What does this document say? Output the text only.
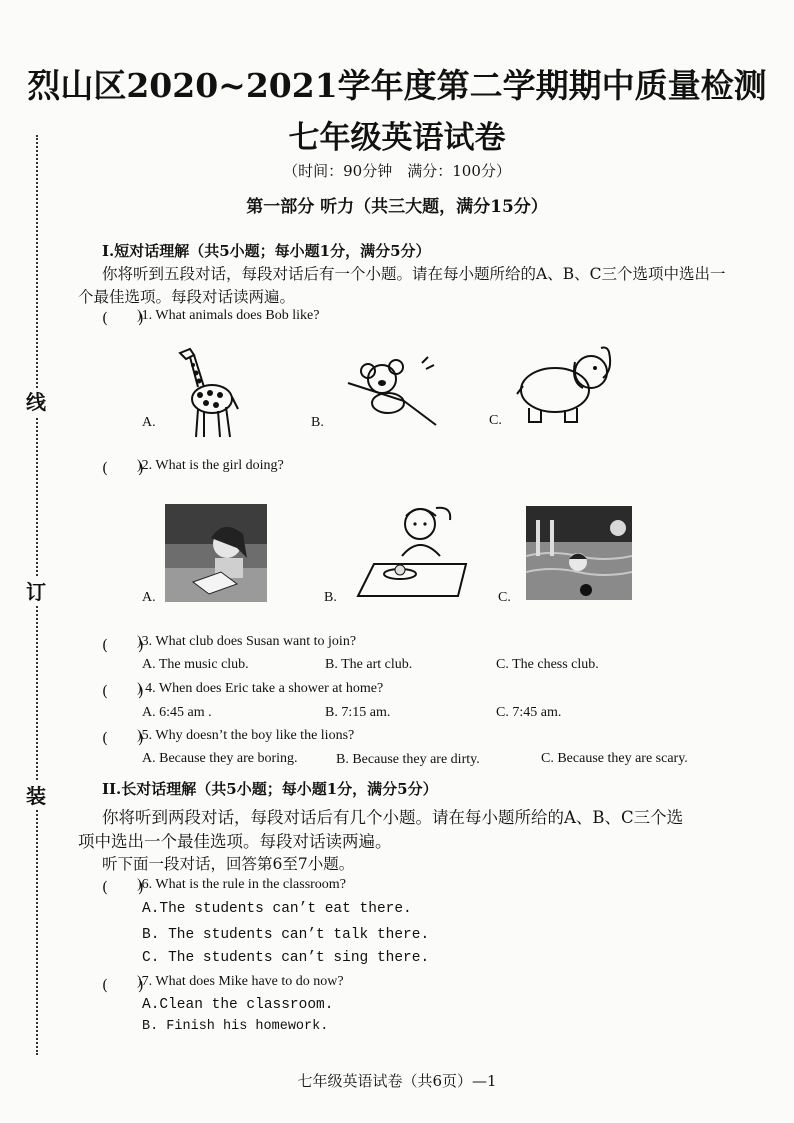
线
订
装
烈山区2020~2021学年度第二学期期中质量检测
七年级英语试卷
（时间：90分钟　满分：100分）
第一部分 听力（共三大题，满分15分）
I.短对话理解（共5小题；每小题1分，满分5分）
你将听到五段对话，每段对话后有一个小题。请在每小题所给的A、B、C三个选项中选出一
个最佳选项。每段对话读两遍。
(　　)
)1. What animals does Bob like?
A.	B.	C.
(　　)
)2. What is the girl doing?
A.	B.	C.
(　　)
)3. What club does Susan want to join?
A. The music club.	B. The art club.	C. The chess club.
(　　)
) 4. When does Eric take a shower at home?
A. 6:45 am .	B. 7:15 am.	C. 7:45 am.
(　　)
)5. Why doesn’t the boy like the lions?
A. Because they are boring.	B. Because they are dirty.	C. Because they are scary.
II.长对话理解（共5小题；每小题1分，满分5分）
你将听到两段对话，每段对话后有几个小题。请在每小题所给的A、B、C三个选
项中选出一个最佳选项。每段对话读两遍。
听下面一段对话，回答第6至7小题。
(　　)
)6. What is the rule in the classroom?
A.The students can’t eat there.
B. The students can’t talk there.
C. The students can’t sing there.
(　　)
)7. What does Mike have to do now?
A.Clean the classroom.
B. Finish his homework.
七年级英语试卷（共6页）—1
